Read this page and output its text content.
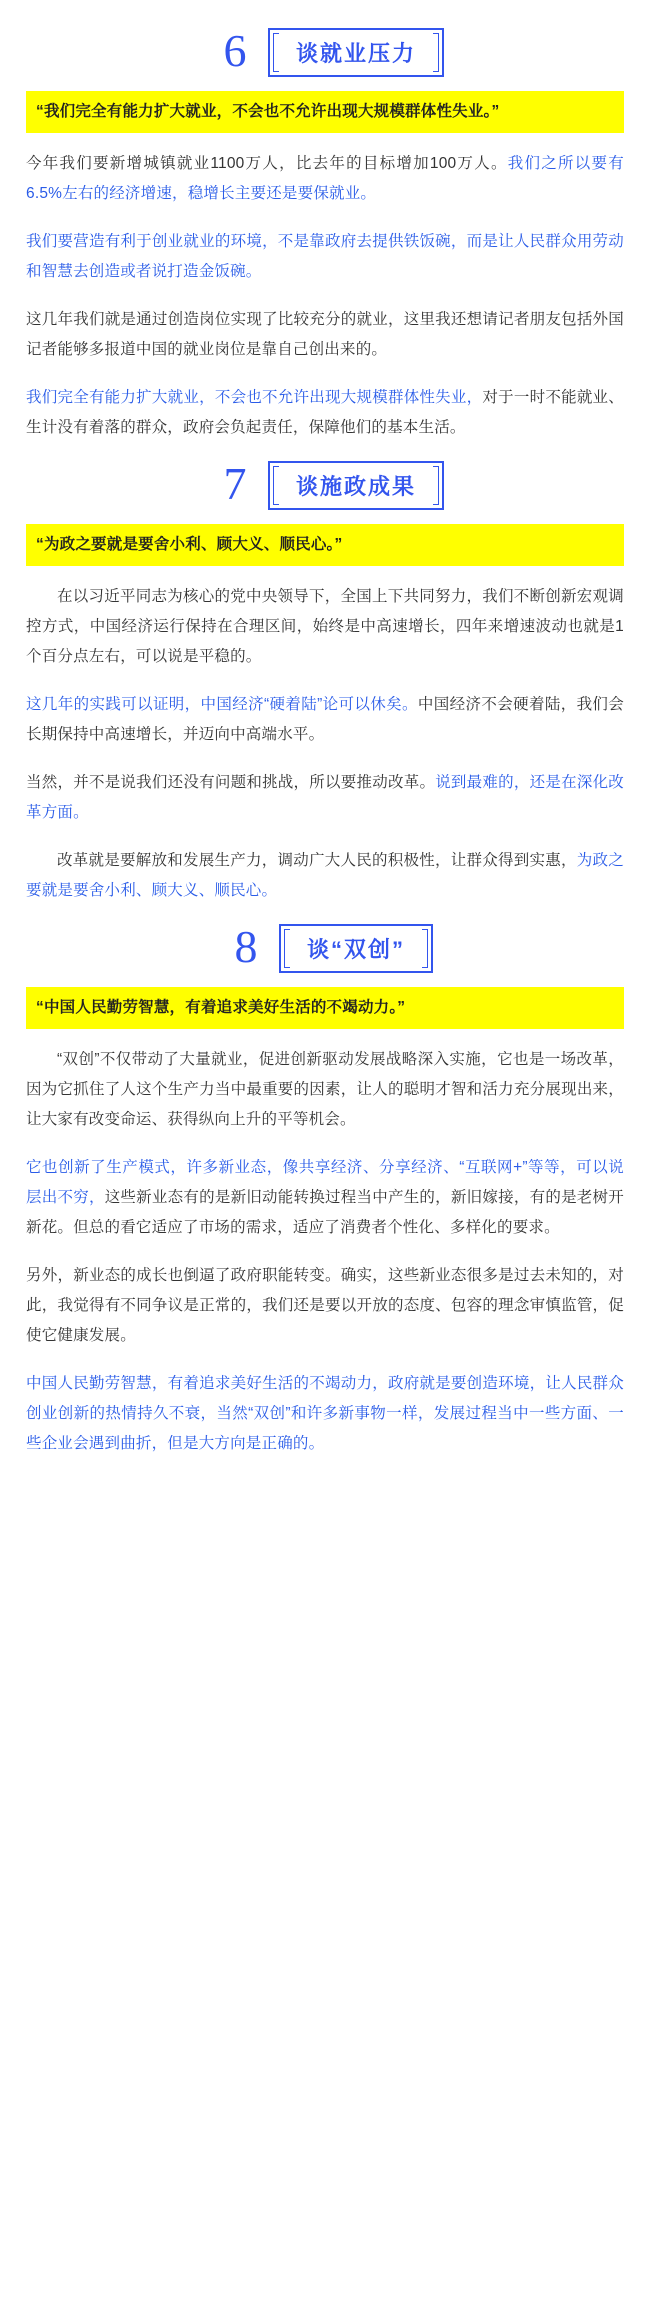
6	谈就业压力
“我们完全有能力扩大就业，不会也不允许出现大规模群体性失业。”

今年我们要新增城镇就业1100万人，比去年的目标增加100万人。我们之所以要有6.5%左右的经济增速，稳增长主要还是要保就业。

我们要营造有利于创业就业的环境，不是靠政府去提供铁饭碗，而是让人民群众用劳动和智慧去创造或者说打造金饭碗。

这几年我们就是通过创造岗位实现了比较充分的就业，这里我还想请记者朋友包括外国记者能够多报道中国的就业岗位是靠自己创出来的。

我们完全有能力扩大就业，不会也不允许出现大规模群体性失业，对于一时不能就业、生计没有着落的群众，政府会负起责任，保障他们的基本生活。

7	谈施政成果
“为政之要就是要舍小利、顾大义、顺民心。”

在以习近平同志为核心的党中央领导下，全国上下共同努力，我们不断创新宏观调控方式，中国经济运行保持在合理区间，始终是中高速增长，四年来增速波动也就是1个百分点左右，可以说是平稳的。

这几年的实践可以证明，中国经济“硬着陆”论可以休矣。中国经济不会硬着陆，我们会长期保持中高速增长，并迈向中高端水平。

当然，并不是说我们还没有问题和挑战，所以要推动改革。说到最难的，还是在深化改革方面。

改革就是要解放和发展生产力，调动广大人民的积极性，让群众得到实惠，为政之要就是要舍小利、顾大义、顺民心。

8	谈“双创”
“中国人民勤劳智慧，有着追求美好生活的不竭动力。”

“双创”不仅带动了大量就业，促进创新驱动发展战略深入实施，它也是一场改革，因为它抓住了人这个生产力当中最重要的因素，让人的聪明才智和活力充分展现出来，让大家有改变命运、获得纵向上升的平等机会。

它也创新了生产模式，许多新业态，像共享经济、分享经济、“互联网+”等等，可以说层出不穷，这些新业态有的是新旧动能转换过程当中产生的，新旧嫁接，有的是老树开新花。但总的看它适应了市场的需求，适应了消费者个性化、多样化的要求。

另外，新业态的成长也倒逼了政府职能转变。确实，这些新业态很多是过去未知的，对此，我觉得有不同争议是正常的，我们还是要以开放的态度、包容的理念审慎监管，促使它健康发展。

中国人民勤劳智慧，有着追求美好生活的不竭动力，政府就是要创造环境，让人民群众创业创新的热情持久不衰，当然“双创”和许多新事物一样，发展过程当中一些方面、一些企业会遇到曲折，但是大方向是正确的。
